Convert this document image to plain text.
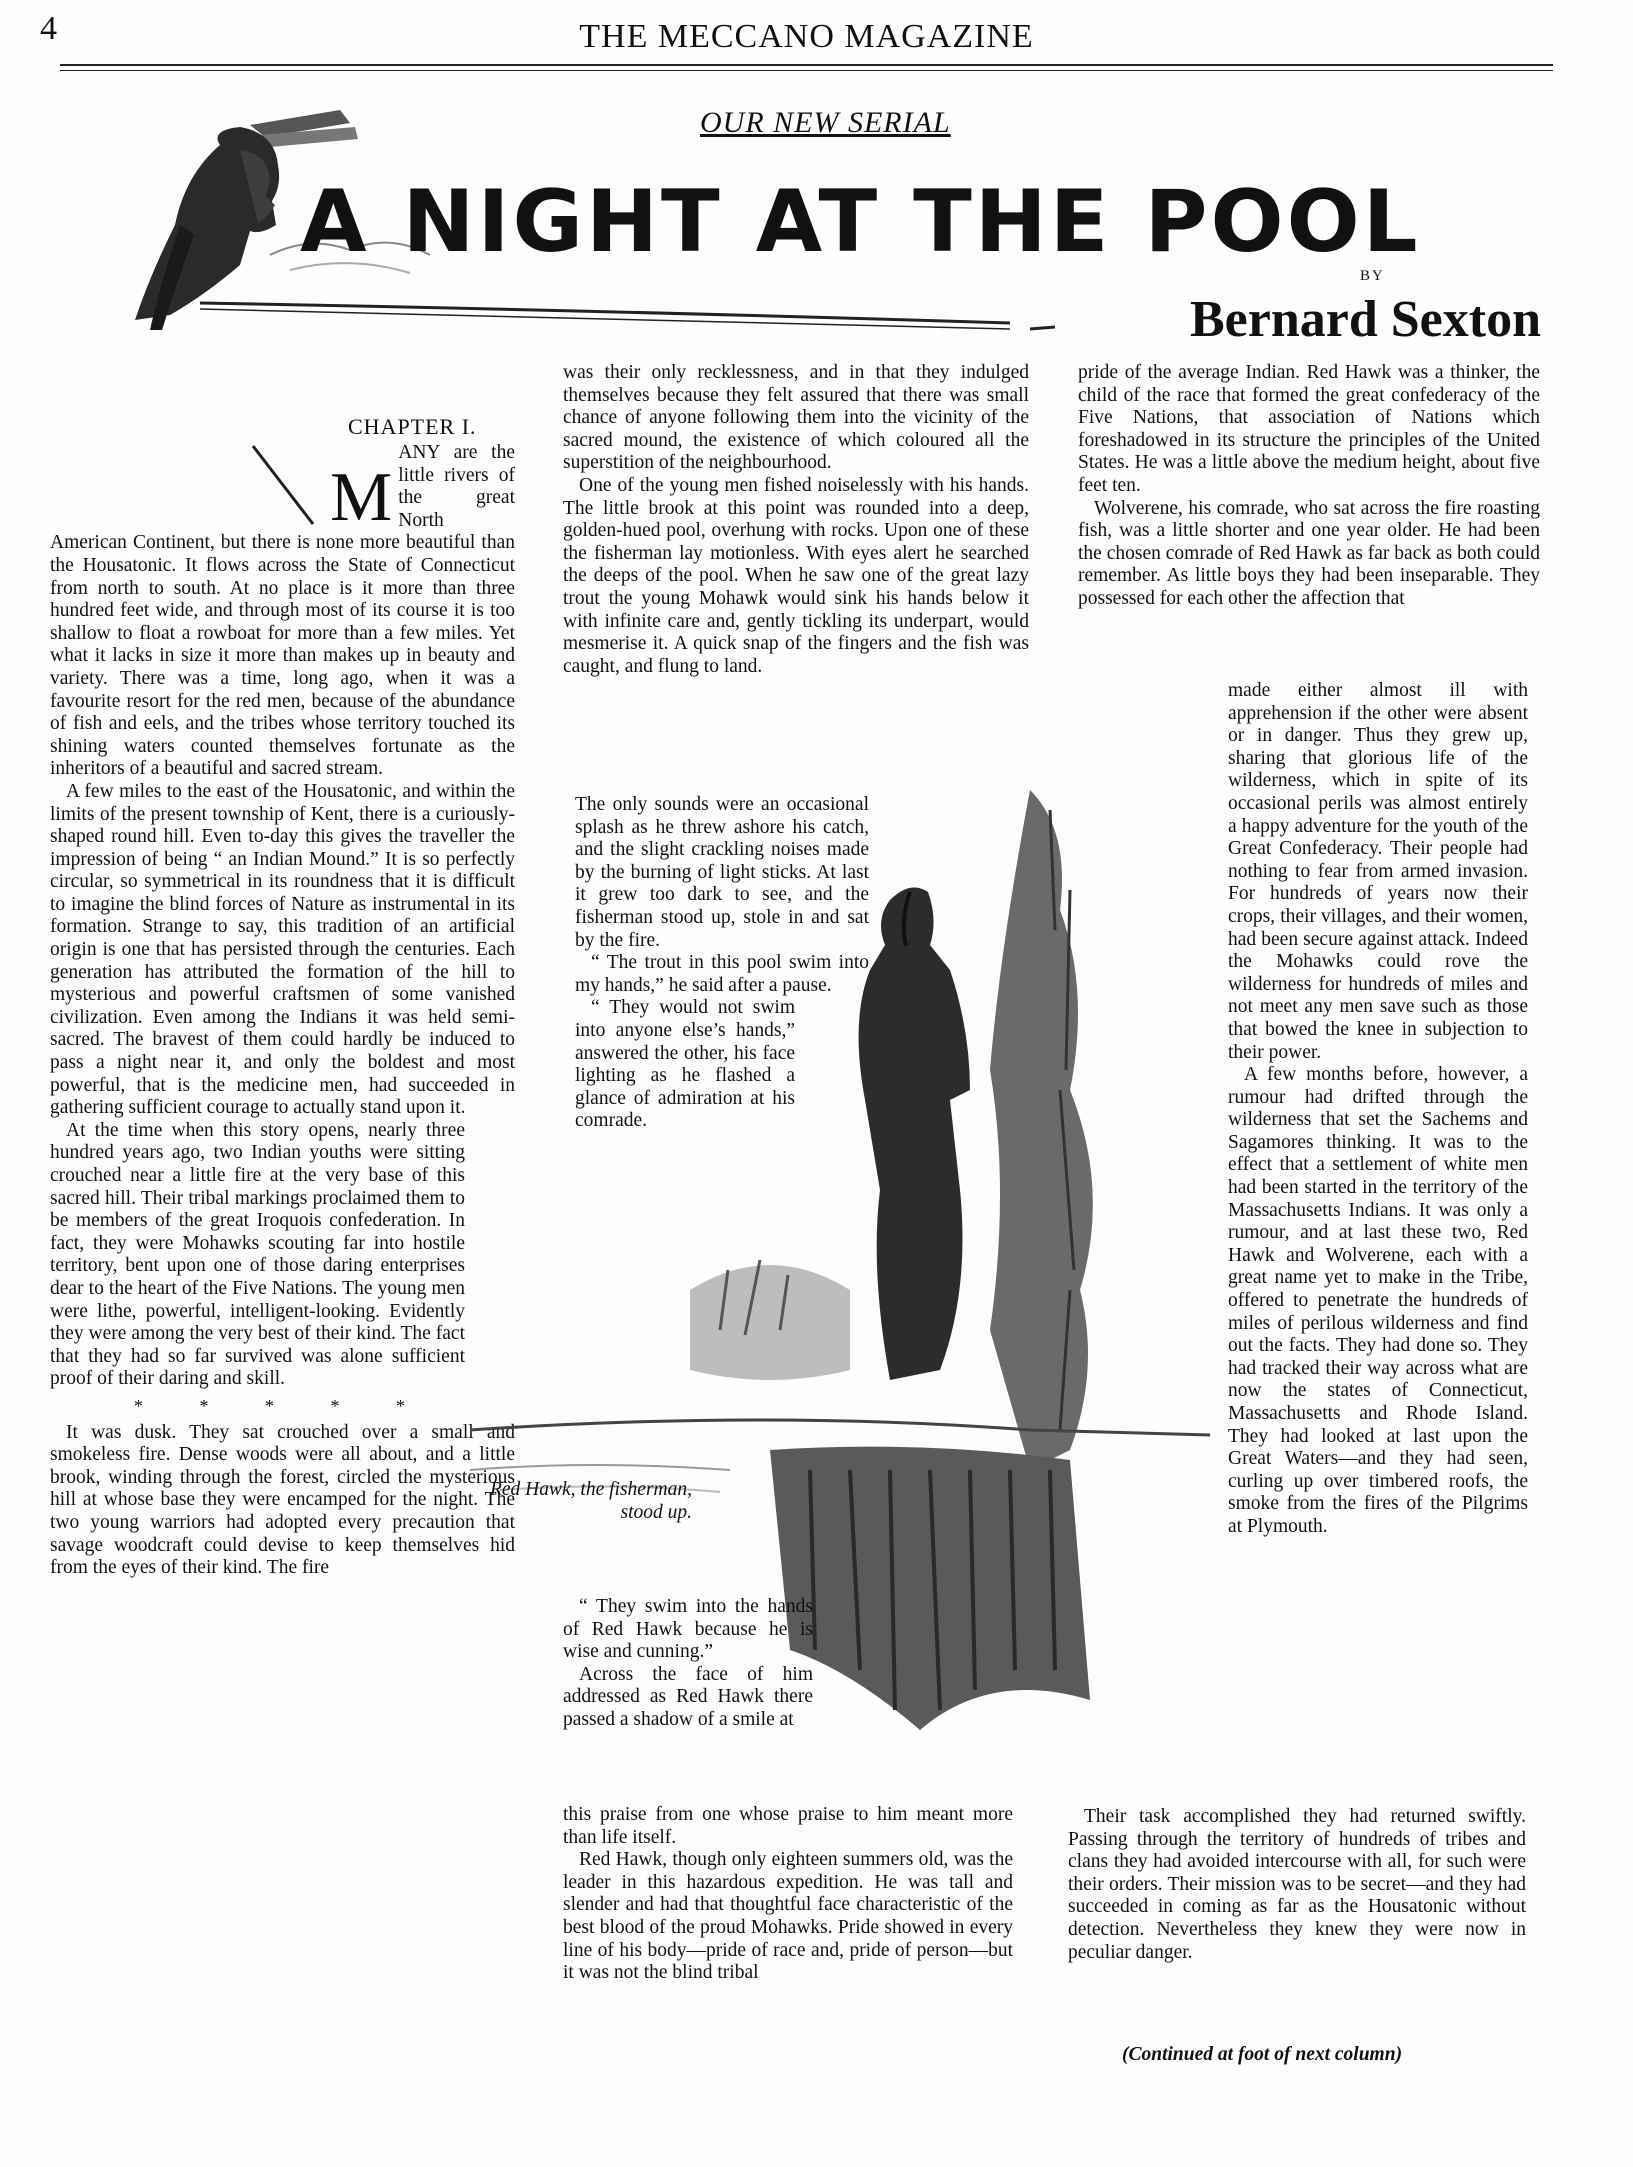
4	THE MECCANO MAGAZINE
OUR NEW SERIAL
A NIGHT AT THE POOL
BY
Bernard Sexton
CHAPTER I.

M

ANY are the little rivers of the great North American Continent, but there is none more beautiful than the Housatonic. It flows across the State of Connecticut from north to south. At no place is it more than three hundred feet wide, and through most of its course it is too shallow to float a rowboat for more than a few miles. Yet what it lacks in size it more than makes up in beauty and variety. There was a time, long ago, when it was a favourite resort for the red men, because of the abundance of fish and eels, and the tribes whose territory touched its shining waters counted themselves fortunate as the inheritors of a beautiful and sacred stream.

A few miles to the east of the Housatonic, and within the limits of the present township of Kent, there is a curiously-shaped round hill. Even to-day this gives the traveller the impression of being “ an Indian Mound.” It is so perfectly circular, so symmetrical in its roundness that it is difficult to imagine the blind forces of Nature as instrumental in its formation. Strange to say, this tradition of an artificial origin is one that has persisted through the centuries. Each generation has attributed the formation of the hill to mysterious and powerful craftsmen of some vanished civilization. Even among the Indians it was held semi-sacred. The bravest of them could hardly be induced to pass a night near it, and only the boldest and most powerful, that is the medicine men, had succeeded in gathering sufficient courage to actually stand upon it.

At the time when this story opens, nearly three hundred years ago, two Indian youths were sitting crouched near a little fire at the very base of this sacred hill. Their tribal markings proclaimed them to be members of the great Iroquois confederation. In fact, they were Mohawks scouting far into hostile territory, bent upon one of those daring enterprises dear to the heart of the Five Nations. The young men were lithe, powerful, intelligent-looking. Evidently they were among the very best of their kind. The fact that they had so far survived was alone sufficient proof of their daring and skill.

* * * * *

It was dusk. They sat crouched over a small and smokeless fire. Dense woods were all about, and a little brook, winding through the forest, circled the mysterious hill at whose base they were encamped for the night. The two young warriors had adopted every precaution that savage woodcraft could devise to keep themselves hid from the eyes of their kind. The fire

was their only recklessness, and in that they indulged themselves because they felt assured that there was small chance of anyone following them into the vicinity of the sacred mound, the existence of which coloured all the superstition of the neighbourhood.

One of the young men fished noiselessly with his hands. The little brook at this point was rounded into a deep, golden-hued pool, overhung with rocks. Upon one of these the fisherman lay motionless. With eyes alert he searched the deeps of the pool. When he saw one of the great lazy trout the young Mohawk would sink his hands below it with infinite care and, gently tickling its underpart, would mesmerise it. A quick snap of the fingers and the fish was caught, and flung to land.

The only sounds were an occasional splash as he threw ashore his catch, and the slight crackling noises made by the burning of light sticks. At last it grew too dark to see, and the fisherman stood up, stole in and sat by the fire.

“ The trout in this pool swim into my hands,” he said after a pause.

“ They would not swim into anyone else’s hands,” answered the other, his face lighting as he flashed a glance of admiration at his comrade.

Red Hawk, the fisherman, stood up.

“ They swim into the hands of Red Hawk because he is wise and cunning.”

Across the face of him addressed as Red Hawk there passed a shadow of a smile at

this praise from one whose praise to him meant more than life itself.

Red Hawk, though only eighteen summers old, was the leader in this hazardous expedition. He was tall and slender and had that thoughtful face characteristic of the best blood of the proud Mohawks. Pride showed in every line of his body—pride of race and, pride of person—but it was not the blind tribal

pride of the average Indian. Red Hawk was a thinker, the child of the race that formed the great confederacy of the Five Nations, that association of Nations which foreshadowed in its structure the principles of the United States. He was a little above the medium height, about five feet ten.

Wolverene, his comrade, who sat across the fire roasting fish, was a little shorter and one year older. He had been the chosen comrade of Red Hawk as far back as both could remember. As little boys they had been inseparable. They possessed for each other the affection that

made either almost ill with apprehension if the other were absent or in danger. Thus they grew up, sharing that glorious life of the wilderness, which in spite of its occasional perils was almost entirely a happy adventure for the youth of the Great Confederacy. Their people had nothing to fear from armed invasion. For hundreds of years now their crops, their villages, and their women, had been secure against attack. Indeed the Mohawks could rove the wilderness for hundreds of miles and not meet any men save such as those that bowed the knee in subjection to their power.

A few months before, however, a rumour had drifted through the wilderness that set the Sachems and Sagamores thinking. It was to the effect that a settlement of white men had been started in the territory of the Massachusetts Indians. It was only a rumour, and at last these two, Red Hawk and Wolverene, each with a great name yet to make in the Tribe, offered to penetrate the hundreds of miles of perilous wilderness and find out the facts. They had done so. They had tracked their way across what are now the states of Connecticut, Massachusetts and Rhode Island. They had looked at last upon the Great Waters—and they had seen, curling up over timbered roofs, the smoke from the fires of the Pilgrims at Plymouth.

Their task accomplished they had returned swiftly. Passing through the territory of hundreds of tribes and clans they had avoided intercourse with all, for such were their orders. Their mission was to be secret—and they had succeeded in coming as far as the Housatonic without detection. Nevertheless they knew they were now in peculiar danger.

(Continued at foot of next column)
